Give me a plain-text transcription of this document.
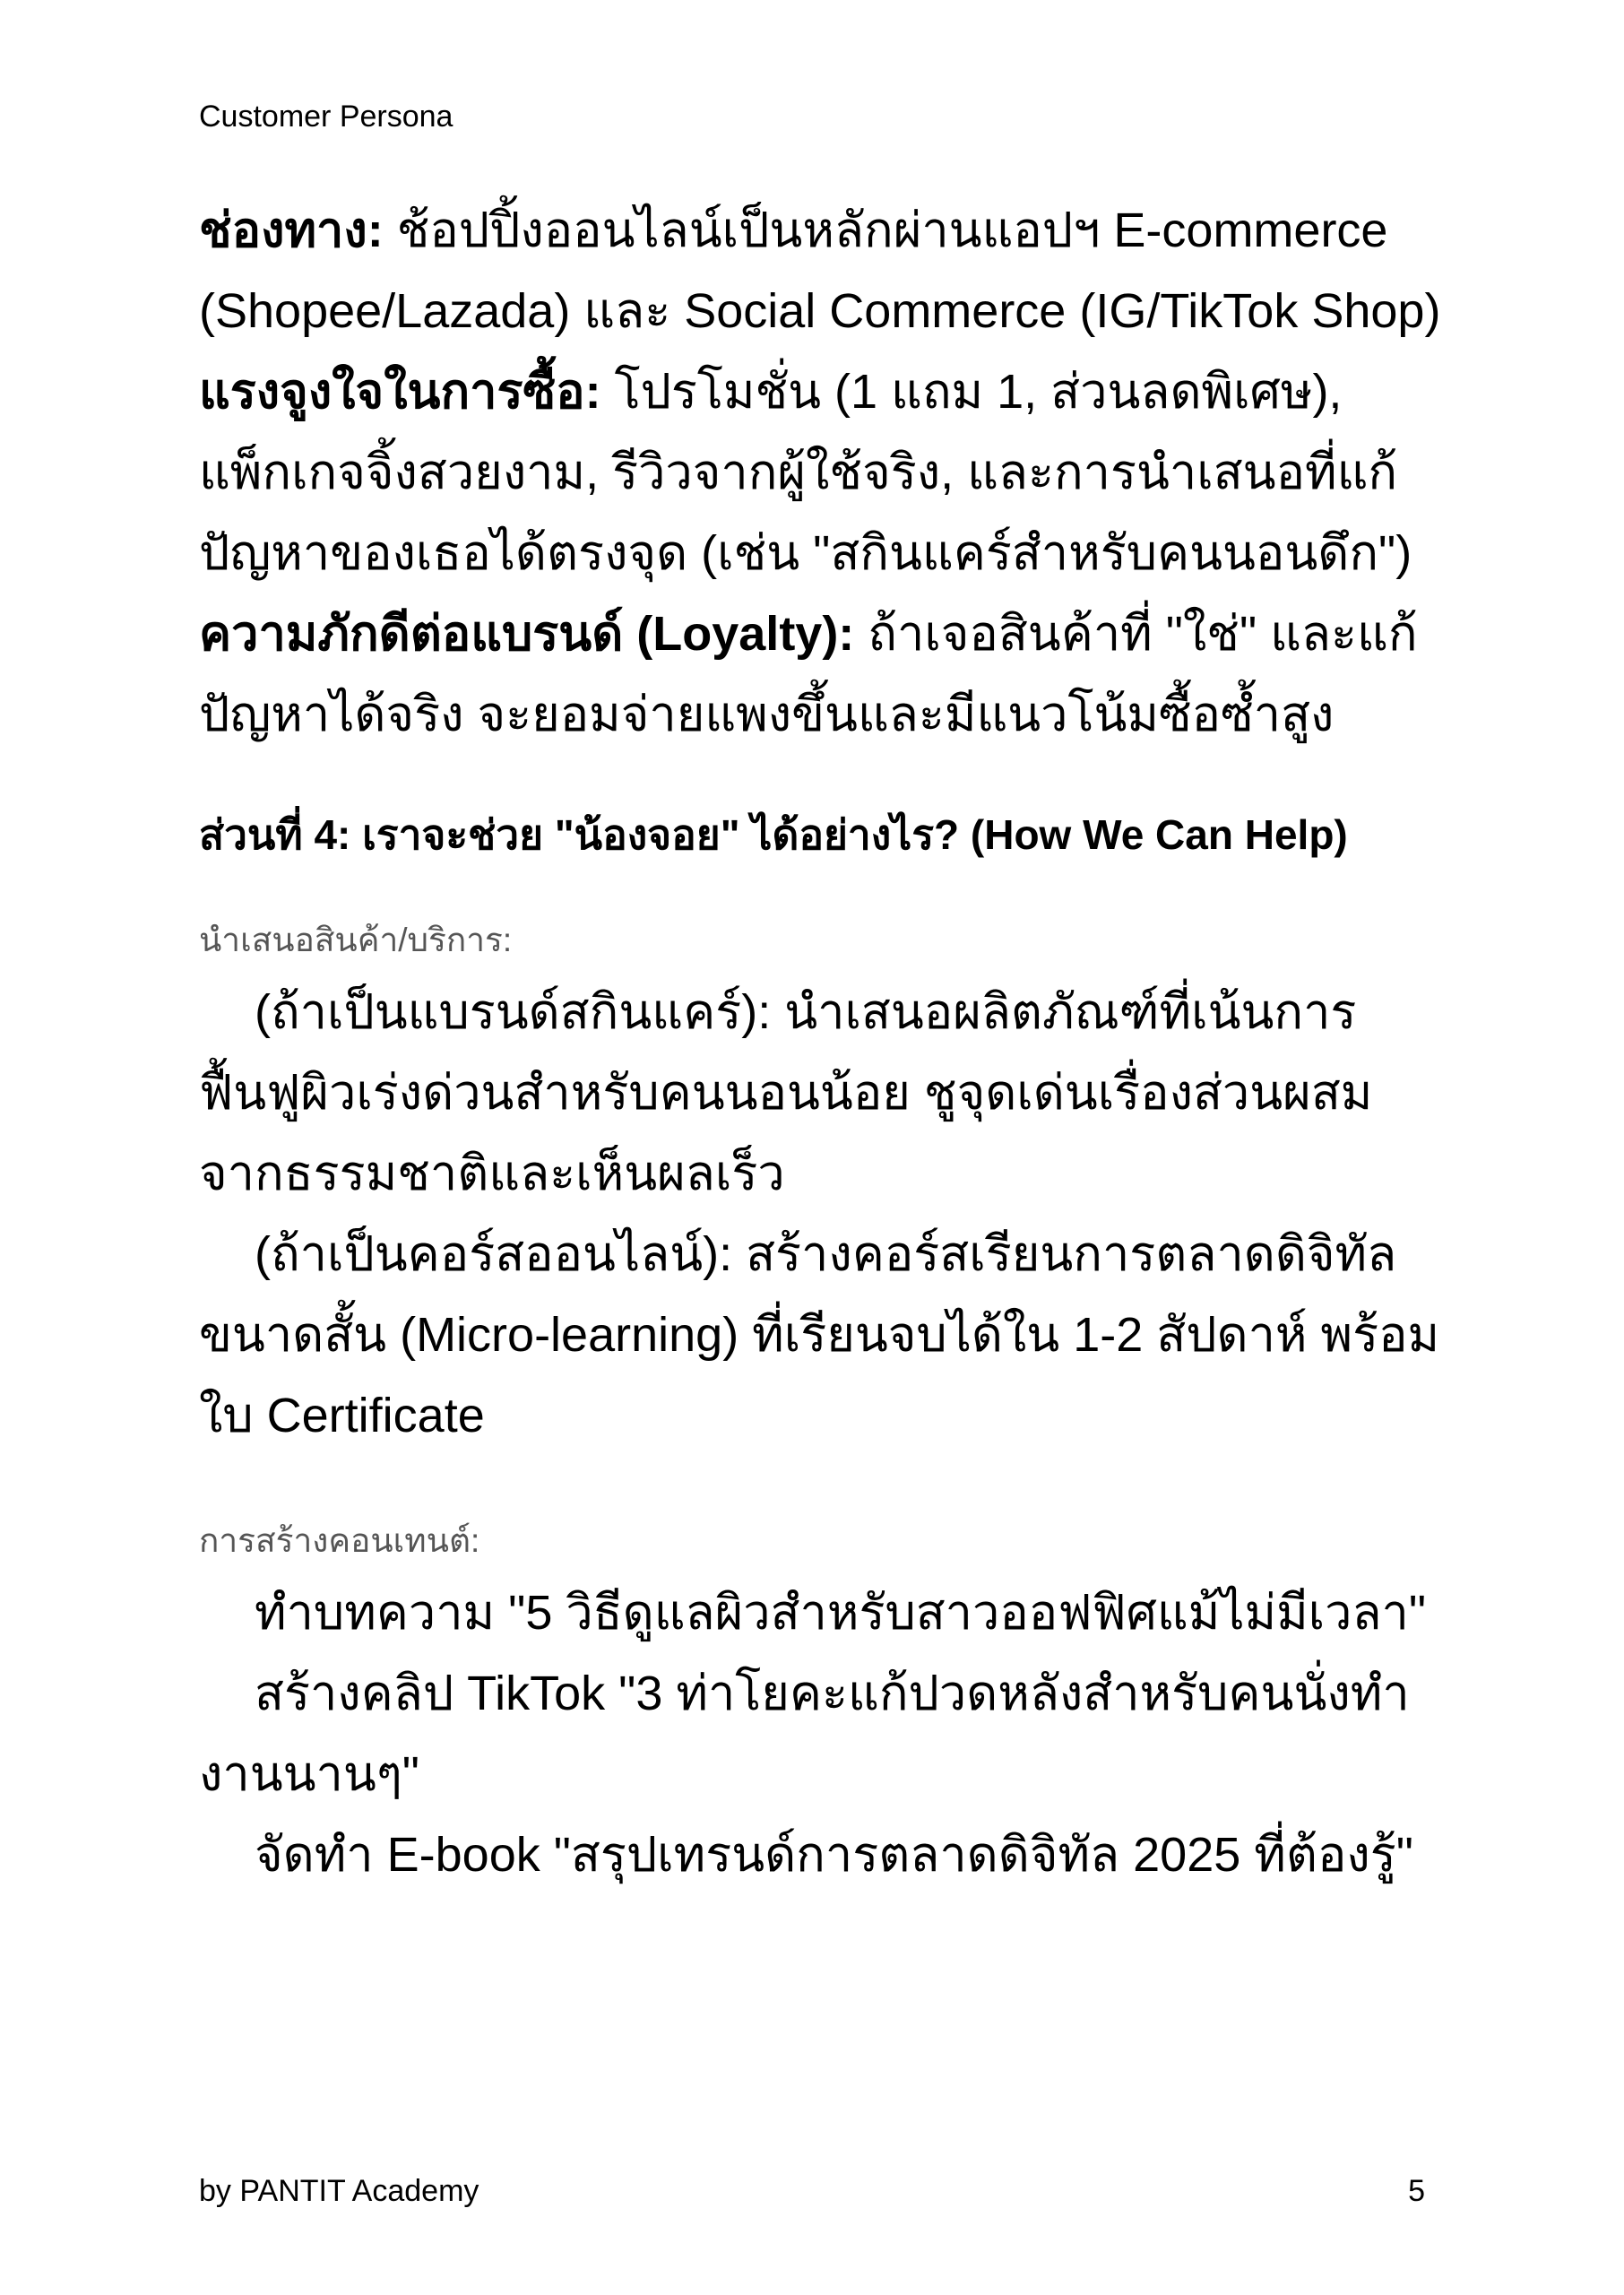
Customer Persona

ช่องทาง: ช้อปปิ้งออนไลน์เป็นหลักผ่านแอปฯ E-commerce (Shopee/Lazada) และ Social Commerce (IG/TikTok Shop)

แรงจูงใจในการซื้อ: โปรโมชั่น (1 แถม 1, ส่วนลดพิเศษ), แพ็กเกจจิ้งสวยงาม, รีวิวจากผู้ใช้จริง, และการนำเสนอที่แก้ปัญหาของเธอได้ตรงจุด (เช่น "สกินแคร์สำหรับคนนอนดึก")

ความภักดีต่อแบรนด์ (Loyalty): ถ้าเจอสินค้าที่ "ใช่" และแก้ปัญหาได้จริง จะยอมจ่ายแพงขึ้นและมีแนวโน้มซื้อซ้ำสูง

ส่วนที่ 4: เราจะช่วย "น้องจอย" ได้อย่างไร? (How We Can Help)
นำเสนอสินค้า/บริการ:

(ถ้าเป็นแบรนด์สกินแคร์): นำเสนอผลิตภัณฑ์ที่เน้นการฟื้นฟูผิวเร่งด่วนสำหรับคนนอนน้อย ชูจุดเด่นเรื่องส่วนผสมจากธรรมชาติและเห็นผลเร็ว

(ถ้าเป็นคอร์สออนไลน์): สร้างคอร์สเรียนการตลาดดิจิทัลขนาดสั้น (Micro-learning) ที่เรียนจบได้ใน 1-2 สัปดาห์ พร้อมใบ Certificate

การสร้างคอนเทนต์:

ทำบทความ "5 วิธีดูแลผิวสำหรับสาวออฟฟิศแม้ไม่มีเวลา"

สร้างคลิป TikTok "3 ท่าโยคะแก้ปวดหลังสำหรับคนนั่งทำงานนานๆ"

จัดทำ E-book "สรุปเทรนด์การตลาดดิจิทัล 2025 ที่ต้องรู้"

by PANTIT Academy	5
